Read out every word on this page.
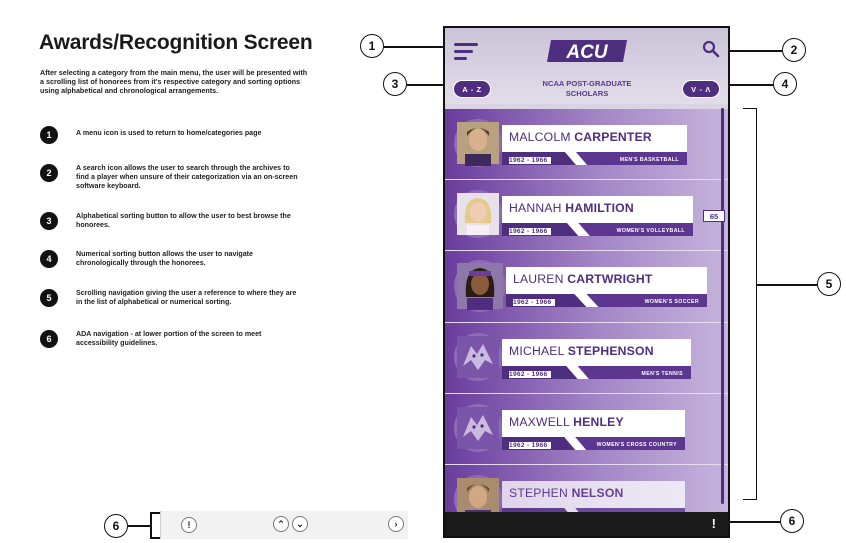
Awards/Recognition Screen
After selecting a category from the main menu, the user will be presented with a scrolling list of honorees from it's respective category and sorting options using alphabetical and chronological arrangements.
1	A menu icon is used to return to home/categories page
2	A search icon allows the user to search through the archives to find a player when unsure of their categorization via an on-screen software keyboard.
3	Alphabetical sorting button to allow the user to best browse the honorees.
4	Numerical sorting button allows the user to navigate chronologically through the honorees.
5	Scrolling navigation giving the user a reference to where they are in the list of alphabetical or numerical sorting.
6	ADA navigation - at lower portion of the screen to meet accessibility guidelines.
6	!	⌃	⌄	›
1	2
3	4
5
6
ACU
A - Z
NCAA POST-GRADUATE
SCHOLARS	V - Λ
MALCOLM CARPENTER
1962 - 1966	MEN'S BASKETBALL
HANNAH HAMILTION
1962 - 1966	WOMEN'S VOLLEYBALL
LAUREN CARTWRIGHT
1962 - 1966	WOMEN'S SOCCER
MICHAEL STEPHENSON
1962 - 1966	MEN'S TENNIS
MAXWELL HENLEY
1962 - 1966	WOMEN'S CROSS COUNTRY
STEPHEN NELSON
65
!
